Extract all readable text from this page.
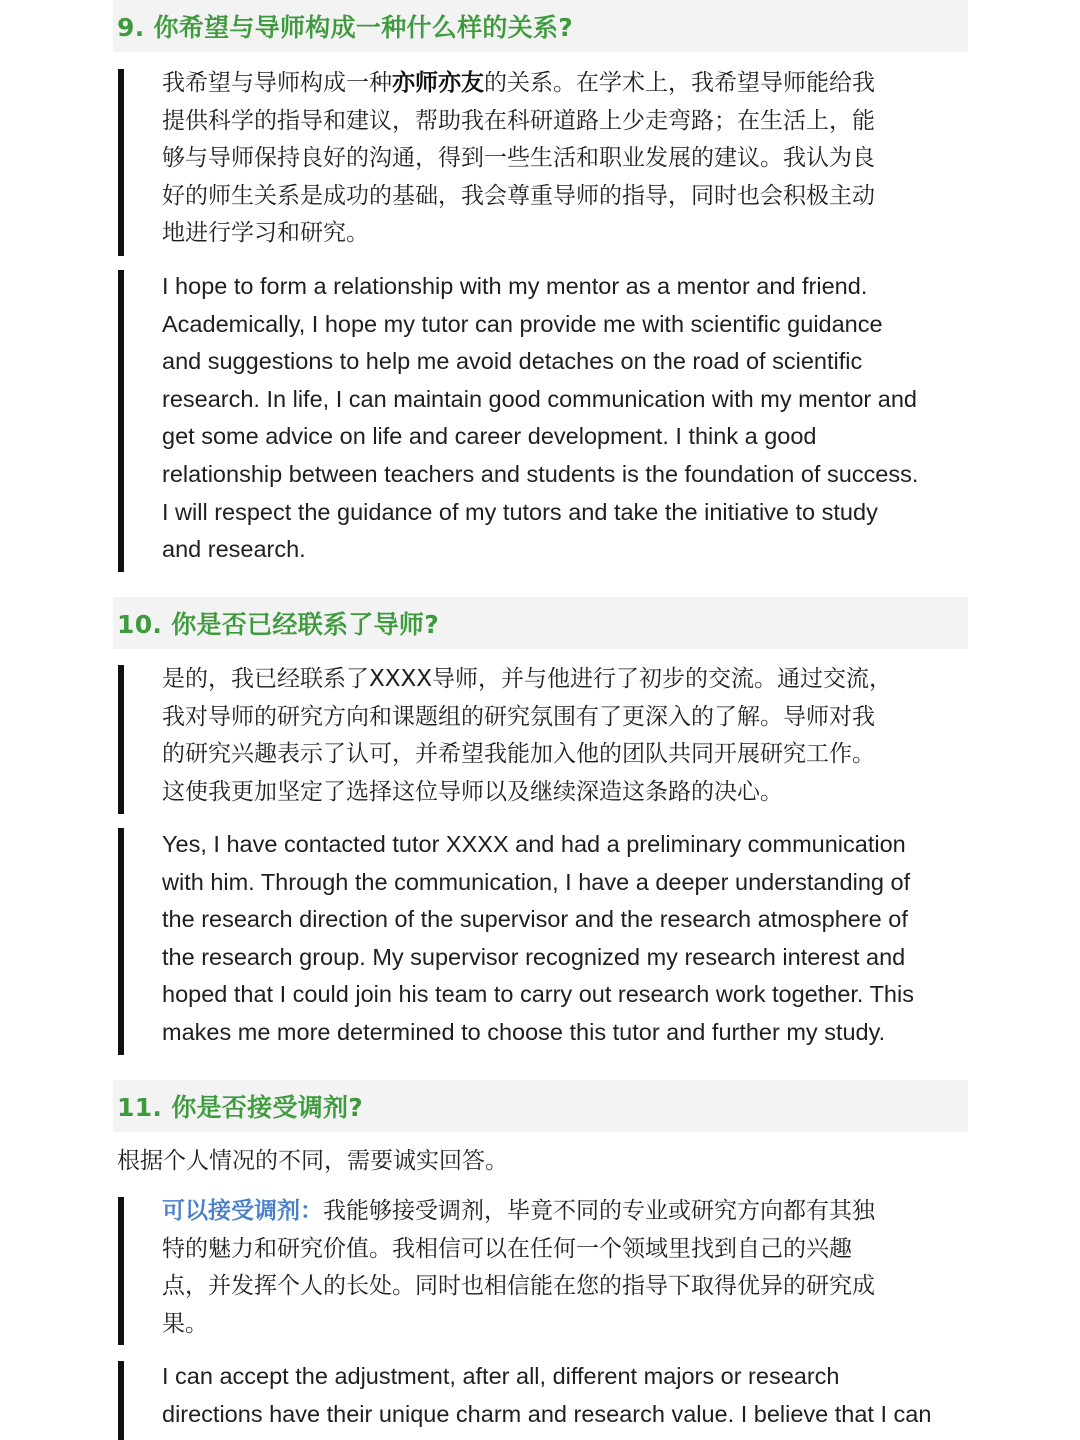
9. 你希望与导师构成一种什么样的关系?
我希望与导师构成一种亦师亦友的关系。在学术上，我希望导师能给我
提供科学的指导和建议，帮助我在科研道路上少走弯路；在生活上，能
够与导师保持良好的沟通，得到一些生活和职业发展的建议。我认为良
好的师生关系是成功的基础，我会尊重导师的指导，同时也会积极主动
地进行学习和研究。
I hope to form a relationship with my mentor as a mentor and friend.
Academically, I hope my tutor can provide me with scientific guidance
and suggestions to help me avoid detaches on the road of scientific
research. In life, I can maintain good communication with my mentor and
get some advice on life and career development. I think a good
relationship between teachers and students is the foundation of success.
I will respect the guidance of my tutors and take the initiative to study
and research.
10. 你是否已经联系了导师?
是的，我已经联系了XXXX导师，并与他进行了初步的交流。通过交流，
我对导师的研究方向和课题组的研究氛围有了更深入的了解。导师对我
的研究兴趣表示了认可，并希望我能加入他的团队共同开展研究工作。
这使我更加坚定了选择这位导师以及继续深造这条路的决心。
Yes, I have contacted tutor XXXX and had a preliminary communication
with him. Through the communication, I have a deeper understanding of
the research direction of the supervisor and the research atmosphere of
the research group. My supervisor recognized my research interest and
hoped that I could join his team to carry out research work together. This
makes me more determined to choose this tutor and further my study.
11. 你是否接受调剂?
根据个人情况的不同，需要诚实回答。
可以接受调剂：我能够接受调剂，毕竟不同的专业或研究方向都有其独
特的魅力和研究价值。我相信可以在任何一个领域里找到自己的兴趣
点，并发挥个人的长处。同时也相信能在您的指导下取得优异的研究成
果。
I can accept the adjustment, after all, different majors or research
directions have their unique charm and research value. I believe that I can
